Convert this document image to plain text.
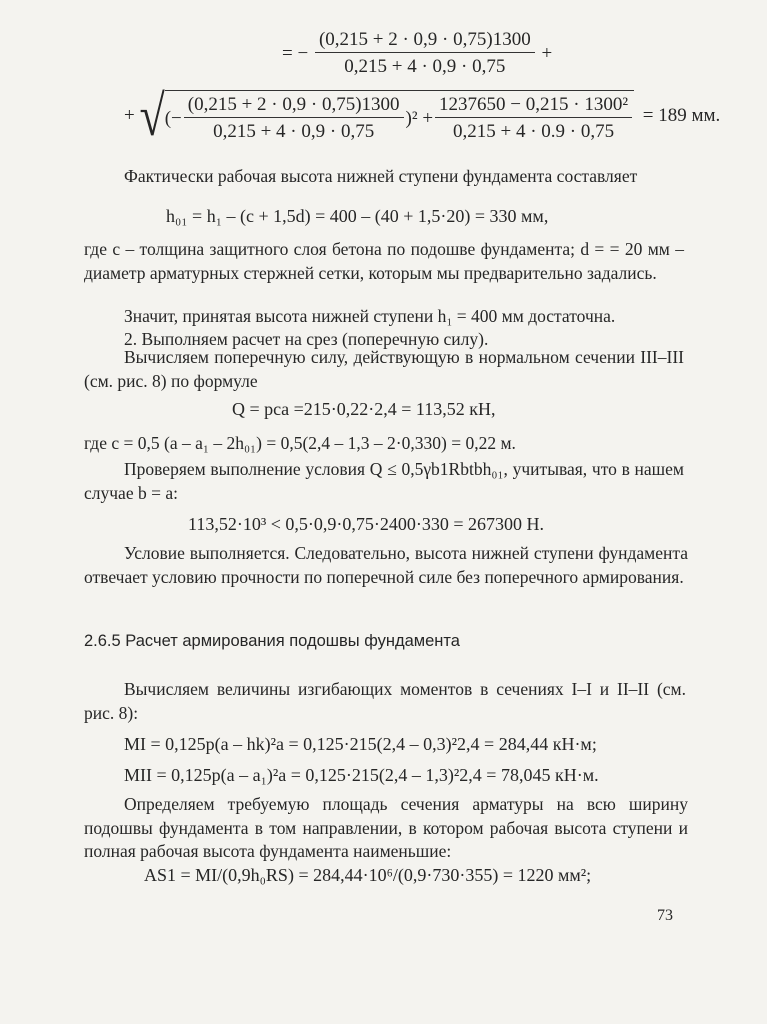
= − $\frac{(0,215 + 2 \cdot 0,9 \cdot 0,75)1300}{0,215 + 4 \cdot 0,9 \cdot 0,75}$ +
+ √ (− $\frac{(0,215 + 2 \cdot 0,9 \cdot 0,75)1300}{0,215 + 4 \cdot 0,9 \cdot 0,75} )^2 + \frac{\text{1237650 − 0,215 · 1300²}}{0,215 + 4 \cdot 0.9 \cdot 0,75} = 189$ мм.
Фактически рабочая высота нижней ступени фундамента составляет
h₀₁ = h₁ – (c + 1,5d) = 400 – (40 + 1,5·20) = 330 мм,
где c – толщина защитного слоя бетона по подошве фундамента; d = = 20 мм – диаметр арматурных стержней сетки, которым мы предварительно задались.
Значит, принятая высота нижней ступени h₁ = 400 мм достаточна.
2. Выполняем расчет на срез (поперечную силу).
Вычисляем поперечную силу, действующую в нормальном сечении III–III (см. рис. 8) по формуле
Q = pca =215·0,22·2,4 = 113,52 кН,
где c = 0,5 (a – a₁ – 2h₀₁) = 0,5(2,4 – 1,3 – 2·0,330) = 0,22 м.
Проверяем выполнение условия Q ≤ 0,5γb1Rbtbh₀₁, учитывая, что в нашем случае b = a:
113,52·10³ < 0,5·0,9·0,75·2400·330 = 267300 Н.
Условие выполняется. Следовательно, высота нижней ступени фундамента отвечает условию прочности по поперечной силе без поперечного армирования.
2.6.5 Расчет армирования подошвы фундамента
Вычисляем величины изгибающих моментов в сечениях I–I и II–II (см. рис. 8):
MI = 0,125p(a – hk)²a = 0,125·215(2,4 – 0,3)²2,4 = 284,44 кН·м;
MII = 0,125p(a – a₁)²a = 0,125·215(2,4 – 1,3)²2,4 = 78,045 кН·м.
Определяем требуемую площадь сечения арматуры на всю ширину подошвы фундамента в том направлении, в котором рабочая высота ступени и полная рабочая высота фундамента наименьшие:
AS1 = MI/(0,9h₀RS) = 284,44·10⁶/(0,9·730·355) = 1220 мм²;
73
